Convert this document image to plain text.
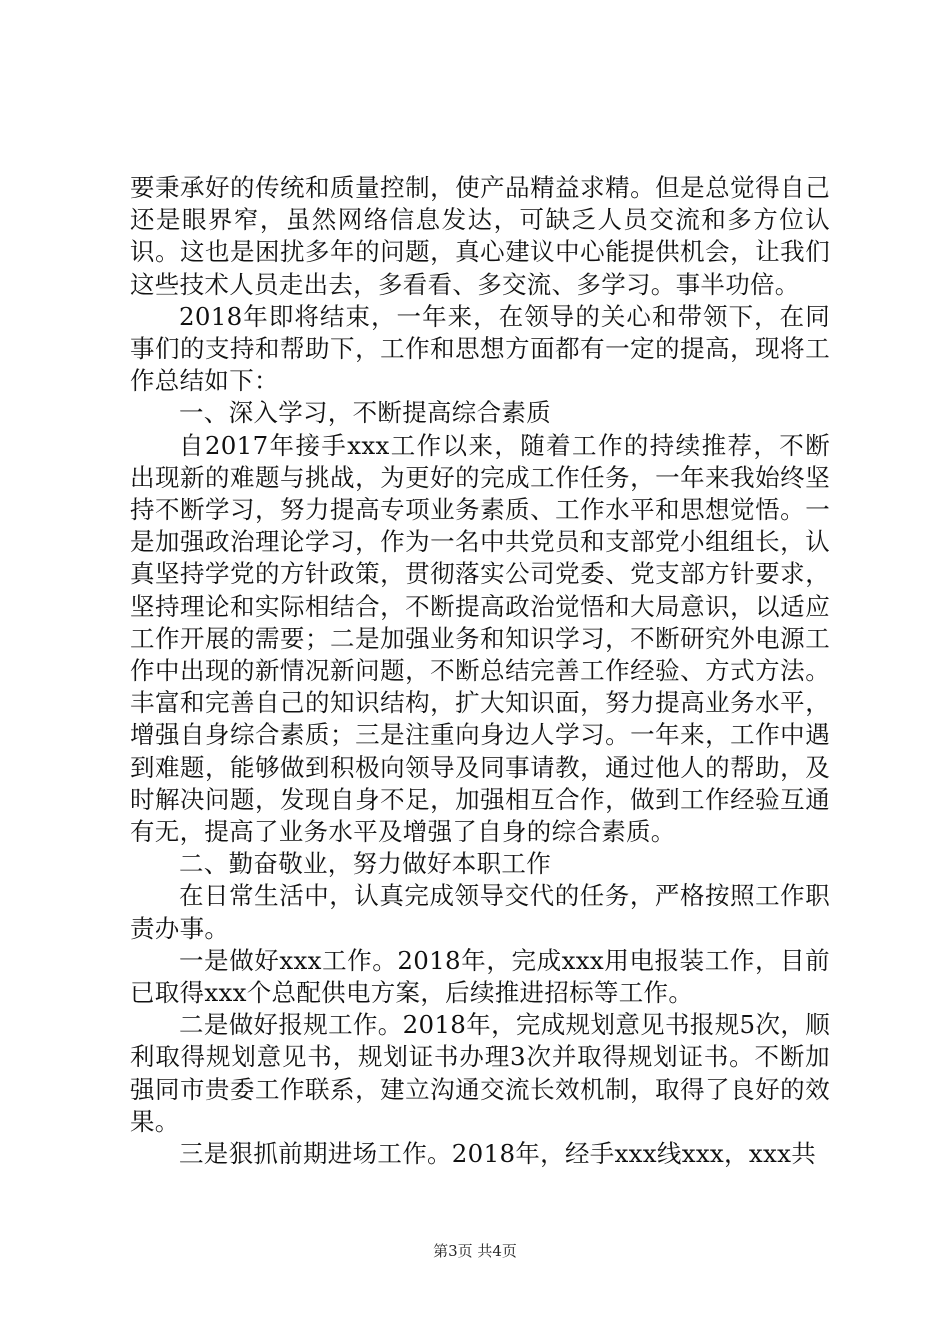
要秉承好的传统和质量控制，使产品精益求精。但是总觉得自己还是眼界窄，虽然网络信息发达，可缺乏人员交流和多方位认识。这也是困扰多年的问题，真心建议中心能提供机会，让我们这些技术人员走出去，多看看、多交流、多学习。事半功倍。

2018年即将结束，一年来，在领导的关心和带领下，在同事们的支持和帮助下，工作和思想方面都有一定的提高，现将工作总结如下：

一、深入学习，不断提高综合素质

自2017年接手xxx工作以来，随着工作的持续推荐，不断出现新的难题与挑战，为更好的完成工作任务，一年来我始终坚持不断学习，努力提高专项业务素质、工作水平和思想觉悟。一是加强政治理论学习，作为一名中共党员和支部党小组组长，认真坚持学党的方针政策，贯彻落实公司党委、党支部方针要求，坚持理论和实际相结合，不断提高政治觉悟和大局意识，以适应工作开展的需要；二是加强业务和知识学习，不断研究外电源工作中出现的新情况新问题，不断总结完善工作经验、方式方法。丰富和完善自己的知识结构，扩大知识面，努力提高业务水平，增强自身综合素质；三是注重向身边人学习。一年来，工作中遇到难题，能够做到积极向领导及同事请教，通过他人的帮助，及时解决问题，发现自身不足，加强相互合作，做到工作经验互通有无，提高了业务水平及增强了自身的综合素质。

二、勤奋敬业，努力做好本职工作

在日常生活中，认真完成领导交代的任务，严格按照工作职责办事。

一是做好xxx工作。2018年，完成xxx用电报装工作，目前已取得xxx个总配供电方案，后续推进招标等工作。

二是做好报规工作。2018年，完成规划意见书报规5次，顺利取得规划意见书，规划证书办理3次并取得规划证书。不断加强同市贵委工作联系，建立沟通交流长效机制，取得了良好的效果。

三是狠抓前期进场工作。2018年，经手xxx线xxx，xxx共

第3页 共4页
